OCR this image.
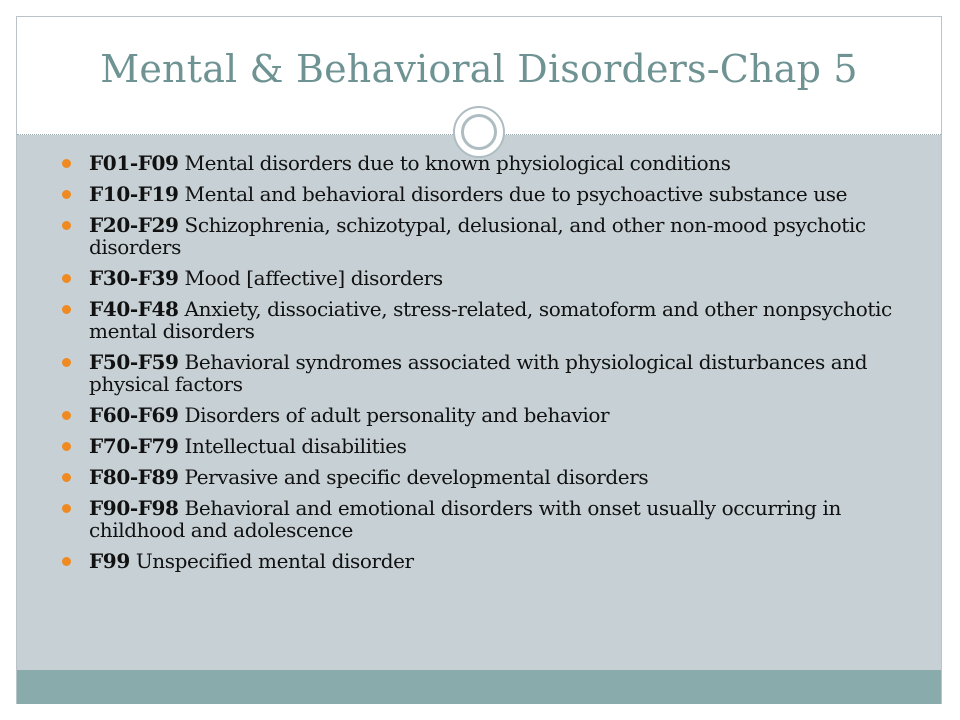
Mental & Behavioral Disorders-Chap 5
F01-F09 Mental disorders due to known physiological conditions
F10-F19 Mental and behavioral disorders due to psychoactive substance use
F20-F29 Schizophrenia, schizotypal, delusional, and other non-mood psychotic disorders
F30-F39 Mood [affective] disorders
F40-F48 Anxiety, dissociative, stress-related, somatoform and other nonpsychotic mental disorders
F50-F59 Behavioral syndromes associated with physiological disturbances and physical factors
F60-F69 Disorders of adult personality and behavior
F70-F79 Intellectual disabilities
F80-F89 Pervasive and specific developmental disorders
F90-F98 Behavioral and emotional disorders with onset usually occurring in childhood and adolescence
F99 Unspecified mental disorder
